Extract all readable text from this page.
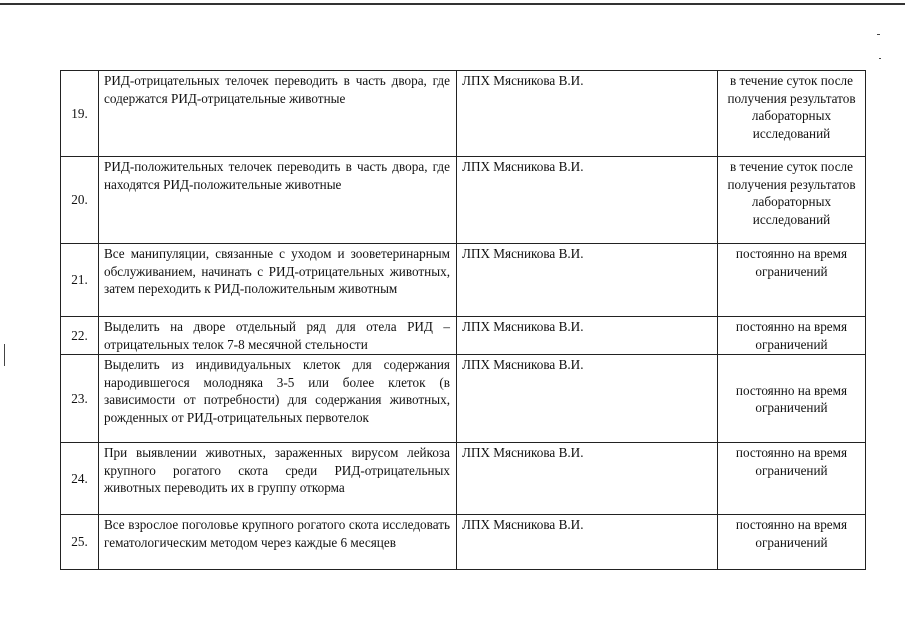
19.	РИД-отрицательных телочек переводить в часть двора, где содержатся РИД-отрицательные животные	ЛПХ Мясникова В.И.	в течение суток после получения результатов лабораторных исследований
20.	РИД-положительных телочек переводить в часть двора, где находятся РИД-положительные животные	ЛПХ Мясникова В.И.	в течение суток после получения результатов лабораторных исследований
21.	Все манипуляции, связанные с уходом и зооветеринарным обслуживанием, начинать с РИД-отрицательных животных, затем переходить к РИД-положительным животным	ЛПХ Мясникова В.И.	постоянно на время ограничений
22.	Выделить на дворе отдельный ряд для отела РИД – отрицательных телок 7-8 месячной стельности	ЛПХ Мясникова В.И.	постоянно на время ограничений
23.	Выделить из индивидуальных клеток для содержания народившегося молодняка 3-5 или более клеток (в зависимости от потребности) для содержания животных, рожденных от РИД-отрицательных первотелок	ЛПХ Мясникова В.И.	постоянно на время ограничений
24.	При выявлении животных, зараженных вирусом лейкоза крупного рогатого скота среди РИД-отрицательных животных переводить их в группу откорма	ЛПХ Мясникова В.И.	постоянно на время ограничений
25.	Все взрослое поголовье крупного рогатого скота исследовать гематологическим методом через каждые 6 месяцев	ЛПХ Мясникова В.И.	постоянно на время ограничений
